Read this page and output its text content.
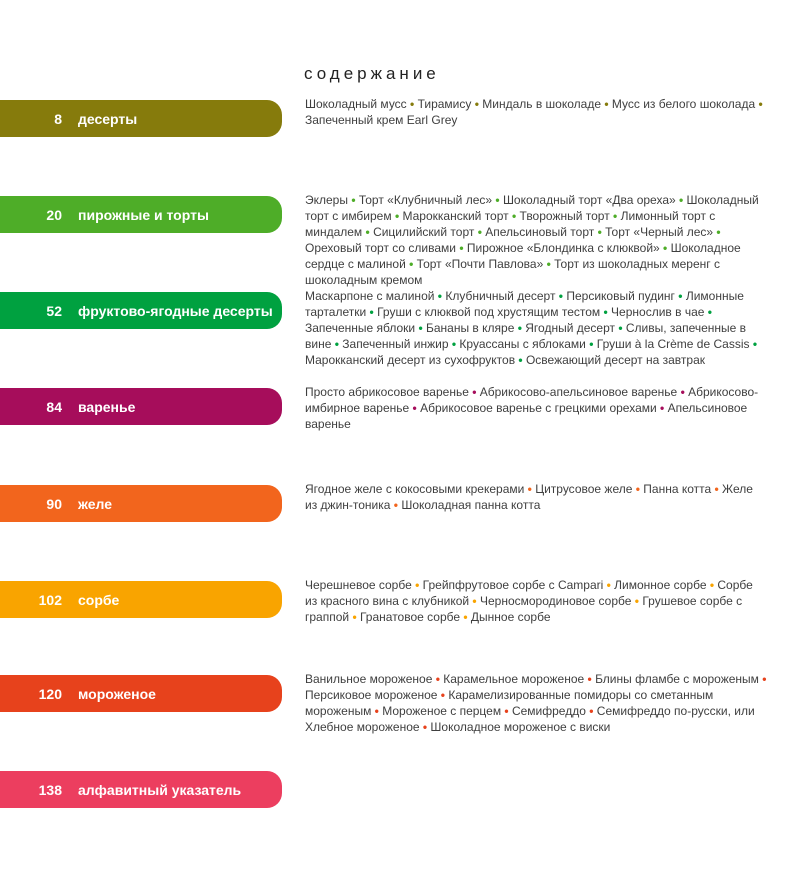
содержание
8 десерты

Шоколадный мусс • Тирамису • Миндаль в шоколаде • Мусс из белого шоколада • Запеченный крем Earl Grey

20 пирожные и торты

Эклеры • Торт «Клубничный лес» • Шоколадный торт «Два ореха» • Шоколадный торт с имбирем • Марокканский торт • Творожный торт • Лимонный торт с миндалем • Сицилийский торт • Апельсиновый торт • Торт «Черный лес» • Ореховый торт со сливами • Пирожное «Блондинка с клюквой» • Шоколадное сердце с малиной • Торт «Почти Павлова» • Торт из шоколадных меренг с шоколадным кремом

52 фруктово-ягодные десерты

Маскарпоне с малиной • Клубничный десерт • Персиковый пудинг • Лимонные тарталетки • Груши с клюквой под хрустящим тестом • Чернослив в чае • Запеченные яблоки • Бананы в кляре • Ягодный десерт • Сливы, запеченные в вине • Запеченный инжир • Круассаны с яблоками • Груши à la Crème de Cassis • Марокканский десерт из сухофруктов • Освежающий десерт на завтрак

84 варенье

Просто абрикосовое варенье • Абрикосово-апельсиновое варенье • Абрикосово-имбирное варенье • Абрикосовое варенье с грецкими орехами • Апельсиновое варенье

90 желе

Ягодное желе с кокосовыми крекерами • Цитрусовое желе • Панна котта • Желе из джин-тоника • Шоколадная панна котта

102 сорбе

Черешневое сорбе • Грейпфрутовое сорбе с Campari • Лимонное сорбе • Сорбе из красного вина с клубникой • Черносмородиновое сорбе • Грушевое сорбе с граппой • Гранатовое сорбе • Дынное сорбе

120 мороженое

Ванильное мороженое • Карамельное мороженое • Блины фламбе с мороженым • Персиковое мороженое • Карамелизированные помидоры со сметанным мороженым • Мороженое с перцем • Семифреддо • Семифреддо по-русски, или Хлебное мороженое • Шоколадное мороженое с виски

138 алфавитный указатель
